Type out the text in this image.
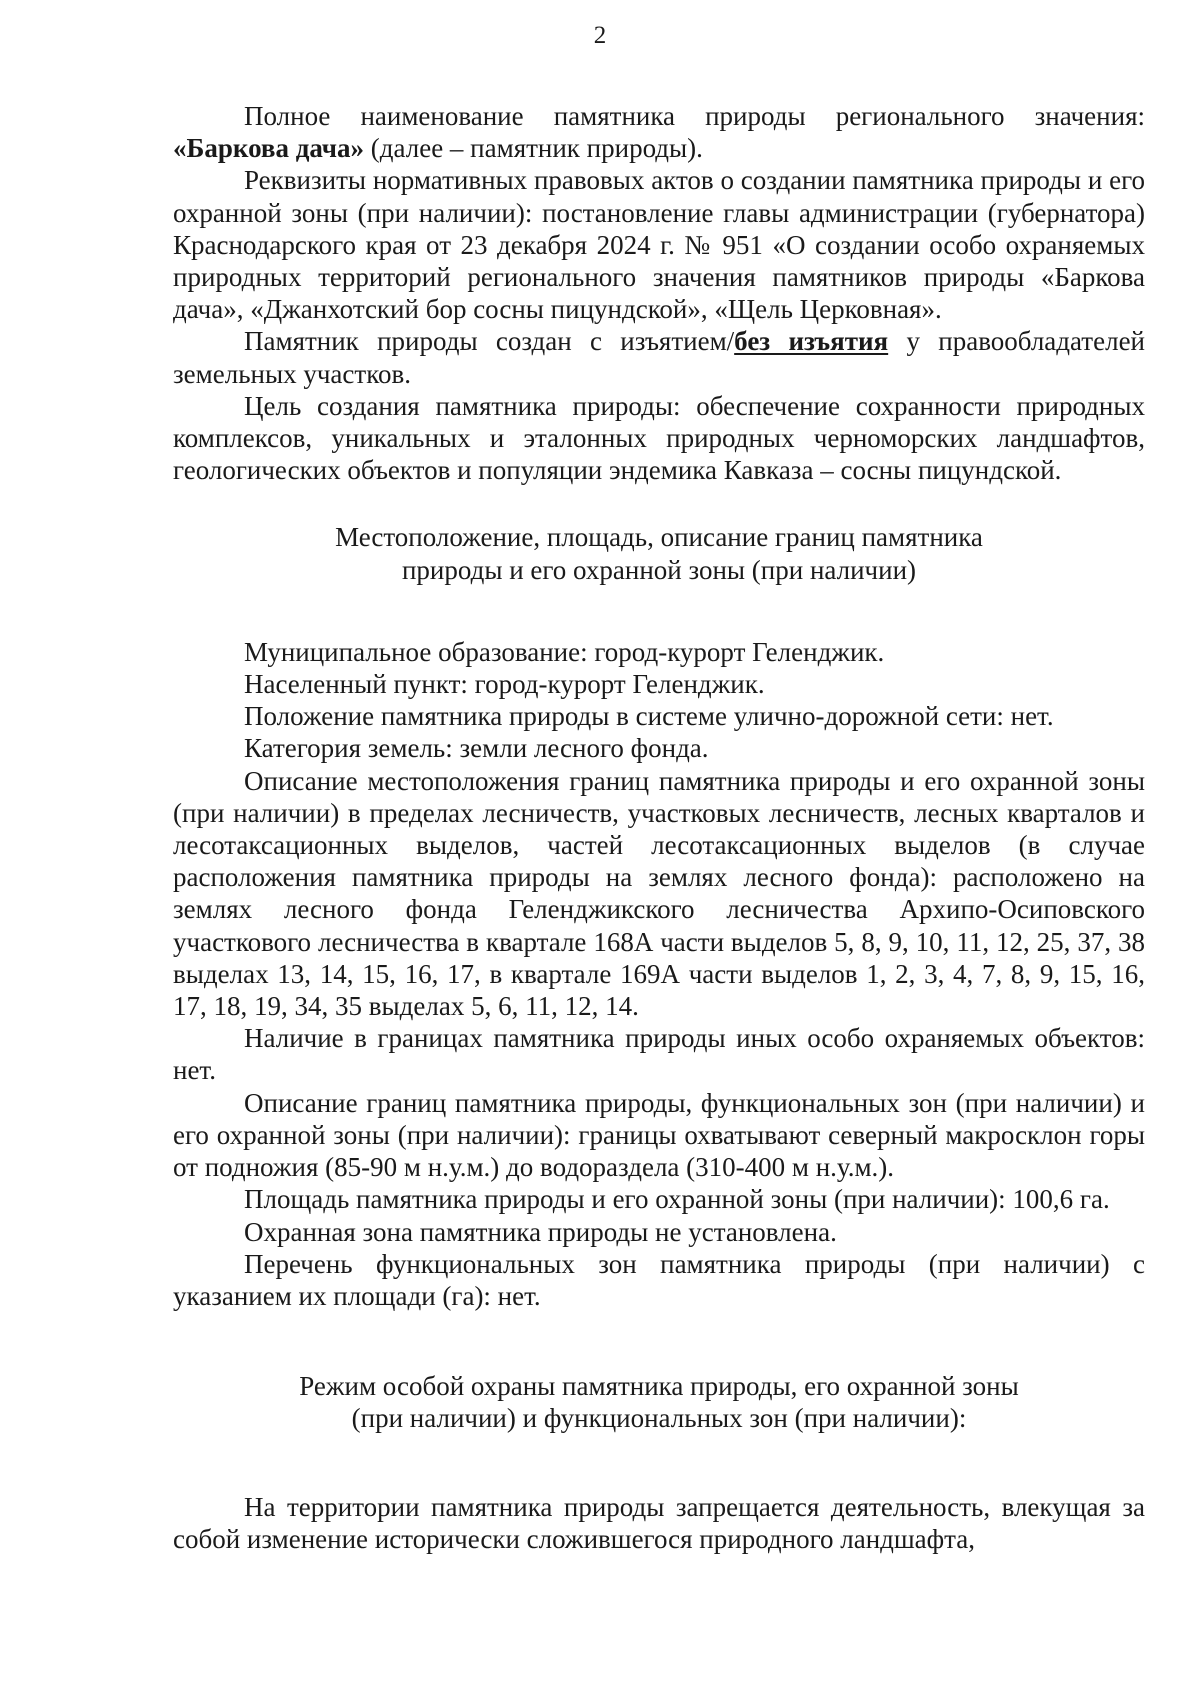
2

Полное наименование памятника природы регионального значения: «Баркова дача» (далее – памятник природы).

Реквизиты нормативных правовых актов о создании памятника природы и его охранной зоны (при наличии): постановление главы администрации (губернатора) Краснодарского края от 23 декабря 2024 г. № 951 «О создании особо охраняемых природных территорий регионального значения памятников природы «Баркова дача», «Джанхотский бор сосны пицундской», «Щель Церковная».

Памятник природы создан с изъятием/без изъятия у правообладателей земельных участков.

Цель создания памятника природы: обеспечение сохранности природных комплексов, уникальных и эталонных природных черноморских ландшафтов, геологических объектов и популяции эндемика Кавказа – сосны пицундской.

Местоположение, площадь, описание границ памятника
природы и его охранной зоны (при наличии)

Муниципальное образование: город-курорт Геленджик.

Населенный пункт: город-курорт Геленджик.

Положение памятника природы в системе улично-дорожной сети: нет.

Категория земель: земли лесного фонда.

Описание местоположения границ памятника природы и его охранной зоны (при наличии) в пределах лесничеств, участковых лесничеств, лесных кварталов и лесотаксационных выделов, частей лесотаксационных выделов (в случае расположения памятника природы на землях лесного фонда): расположено на землях лесного фонда Геленджикского лесничества Архипо-Осиповского участкового лесничества в квартале 168А части выделов 5, 8, 9, 10, 11, 12, 25, 37, 38 выделах 13, 14, 15, 16, 17, в квартале 169А части выделов 1, 2, 3, 4, 7, 8, 9, 15, 16, 17, 18, 19, 34, 35 выделах 5, 6, 11, 12, 14.

Наличие в границах памятника природы иных особо охраняемых объектов: нет.

Описание границ памятника природы, функциональных зон (при наличии) и его охранной зоны (при наличии): границы охватывают северный макросклон горы от подножия (85-90 м н.у.м.) до водораздела (310-400 м н.у.м.).

Площадь памятника природы и его охранной зоны (при наличии): 100,6 га.

Охранная зона памятника природы не установлена.

Перечень функциональных зон памятника природы (при наличии) с указанием их площади (га): нет.

Режим особой охраны памятника природы, его охранной зоны
(при наличии) и функциональных зон (при наличии):

На территории памятника природы запрещается деятельность, влекущая за собой изменение исторически сложившегося природного ландшафта,
